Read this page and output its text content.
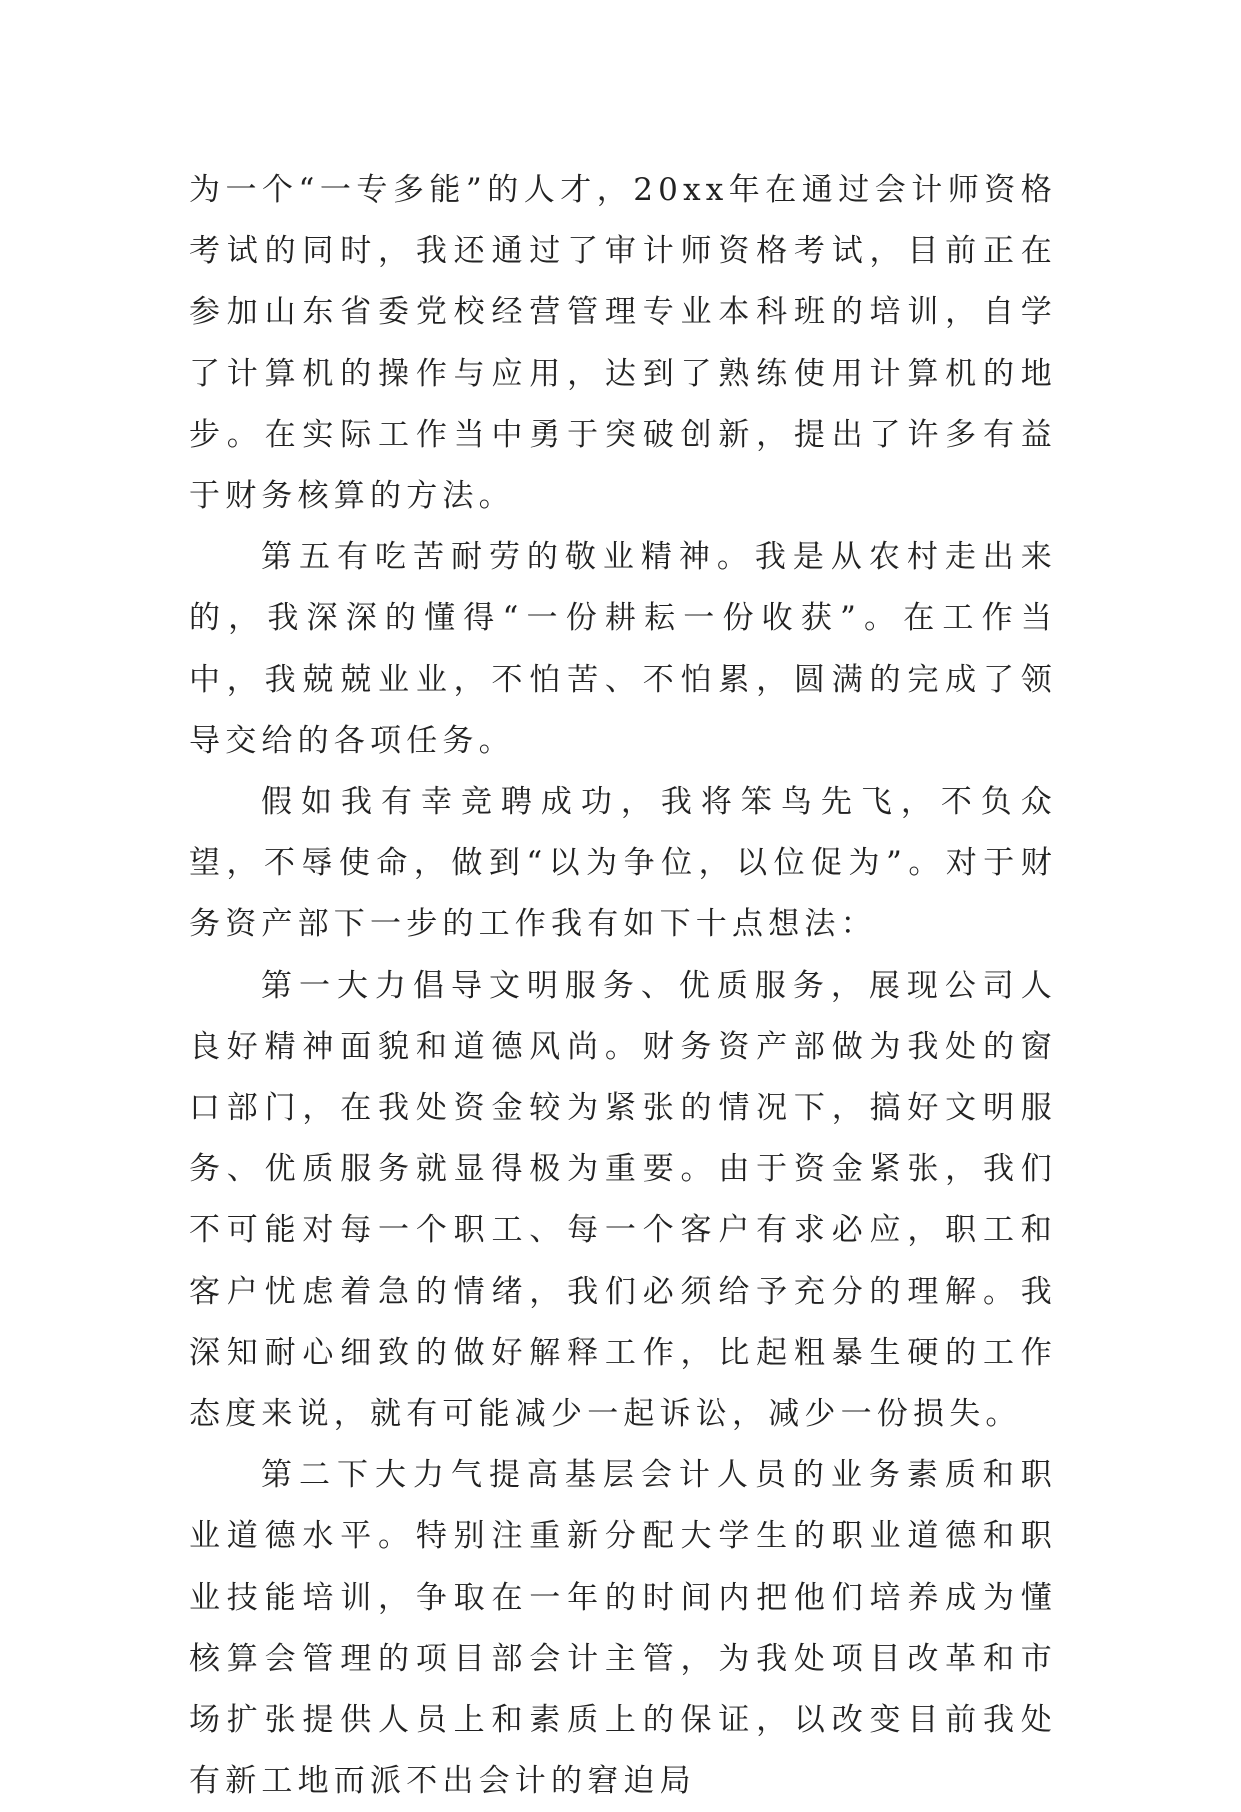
为一个“一专多能”的人才，20xx年在通过会计师资格考试的同时，我还通过了审计师资格考试，目前正在参加山东省委党校经营管理专业本科班的培训，自学了计算机的操作与应用，达到了熟练使用计算机的地步。在实际工作当中勇于突破创新，提出了许多有益于财务核算的方法。

第五有吃苦耐劳的敬业精神。我是从农村走出来的，我深深的懂得“一份耕耘一份收获”。在工作当中，我兢兢业业，不怕苦、不怕累，圆满的完成了领导交给的各项任务。

假如我有幸竞聘成功，我将笨鸟先飞，不负众望，不辱使命，做到“以为争位，以位促为”。对于财务资产部下一步的工作我有如下十点想法：

第一大力倡导文明服务、优质服务，展现公司人良好精神面貌和道德风尚。财务资产部做为我处的窗口部门，在我处资金较为紧张的情况下，搞好文明服务、优质服务就显得极为重要。由于资金紧张，我们不可能对每一个职工、每一个客户有求必应，职工和客户忧虑着急的情绪，我们必须给予充分的理解。我深知耐心细致的做好解释工作，比起粗暴生硬的工作态度来说，就有可能减少一起诉讼，减少一份损失。

第二下大力气提高基层会计人员的业务素质和职业道德水平。特别注重新分配大学生的职业道德和职业技能培训，争取在一年的时间内把他们培养成为懂核算会管理的项目部会计主管，为我处项目改革和市场扩张提供人员上和素质上的保证，以改变目前我处有新工地而派不出会计的窘迫局
